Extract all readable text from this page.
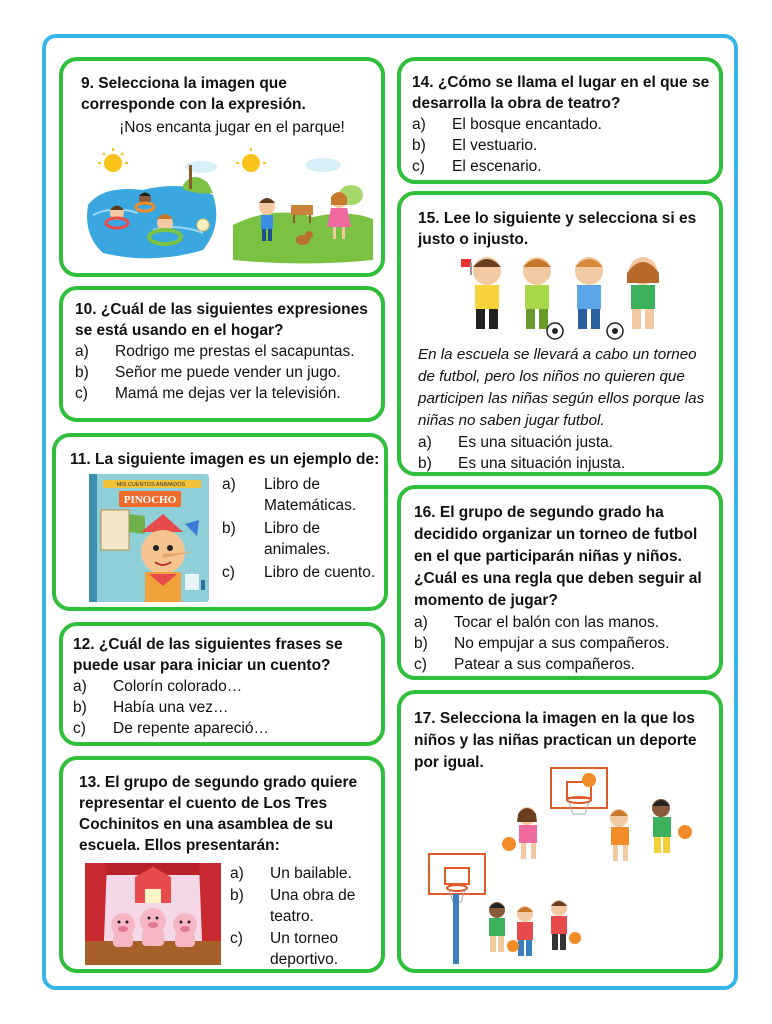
9. Selecciona la imagen que
corresponde con la expresión.

¡Nos encanta jugar en el parque!

10. ¿Cuál de las siguientes expresiones
se está usando en el hogar?

a)	Rodrigo me prestas el sacapuntas.
b)	Señor me puede vender un jugo.
c)	Mamá me dejas ver la televisión.

11. La siguiente imagen es un ejemplo de:

MIS CUENTOS ANIMADOS
PINOCHO
a)	Libro de
Matemáticas.
b)	Libro de
animales.
c)	Libro de cuento.

12. ¿Cuál de las siguientes frases se
puede usar para iniciar un cuento?

a)	Colorín colorado…
b)	Había una vez…
c)	De repente apareció…

13. El grupo de segundo grado quiere
representar el cuento de Los Tres
Cochinitos en una asamblea de su
escuela. Ellos presentarán:

a)	Un bailable.
b)	Una obra de
teatro.
c)	Un torneo
deportivo.

14. ¿Cómo se llama el lugar en el que se
desarrolla la obra de teatro?

a)	El bosque encantado.
b)	El vestuario.
c)	El escenario.

15. Lee lo siguiente y selecciona si es
justo o injusto.

En la escuela se llevará a cabo un torneo
de futbol, pero los niños no quieren que
participen las niñas según ellos porque las
niñas no saben jugar futbol.
a)	Es una situación justa.
b)	Es una situación injusta.

16. El grupo de segundo grado ha
decidido organizar un torneo de futbol
en el que participarán niñas y niños.
¿Cuál es una regla que deben seguir al
momento de jugar?

a)	Tocar el balón con las manos.
b)	No empujar a sus compañeros.
c)	Patear a sus compañeros.

17. Selecciona la imagen en la que los
niños y las niñas practican un deporte
por igual.
